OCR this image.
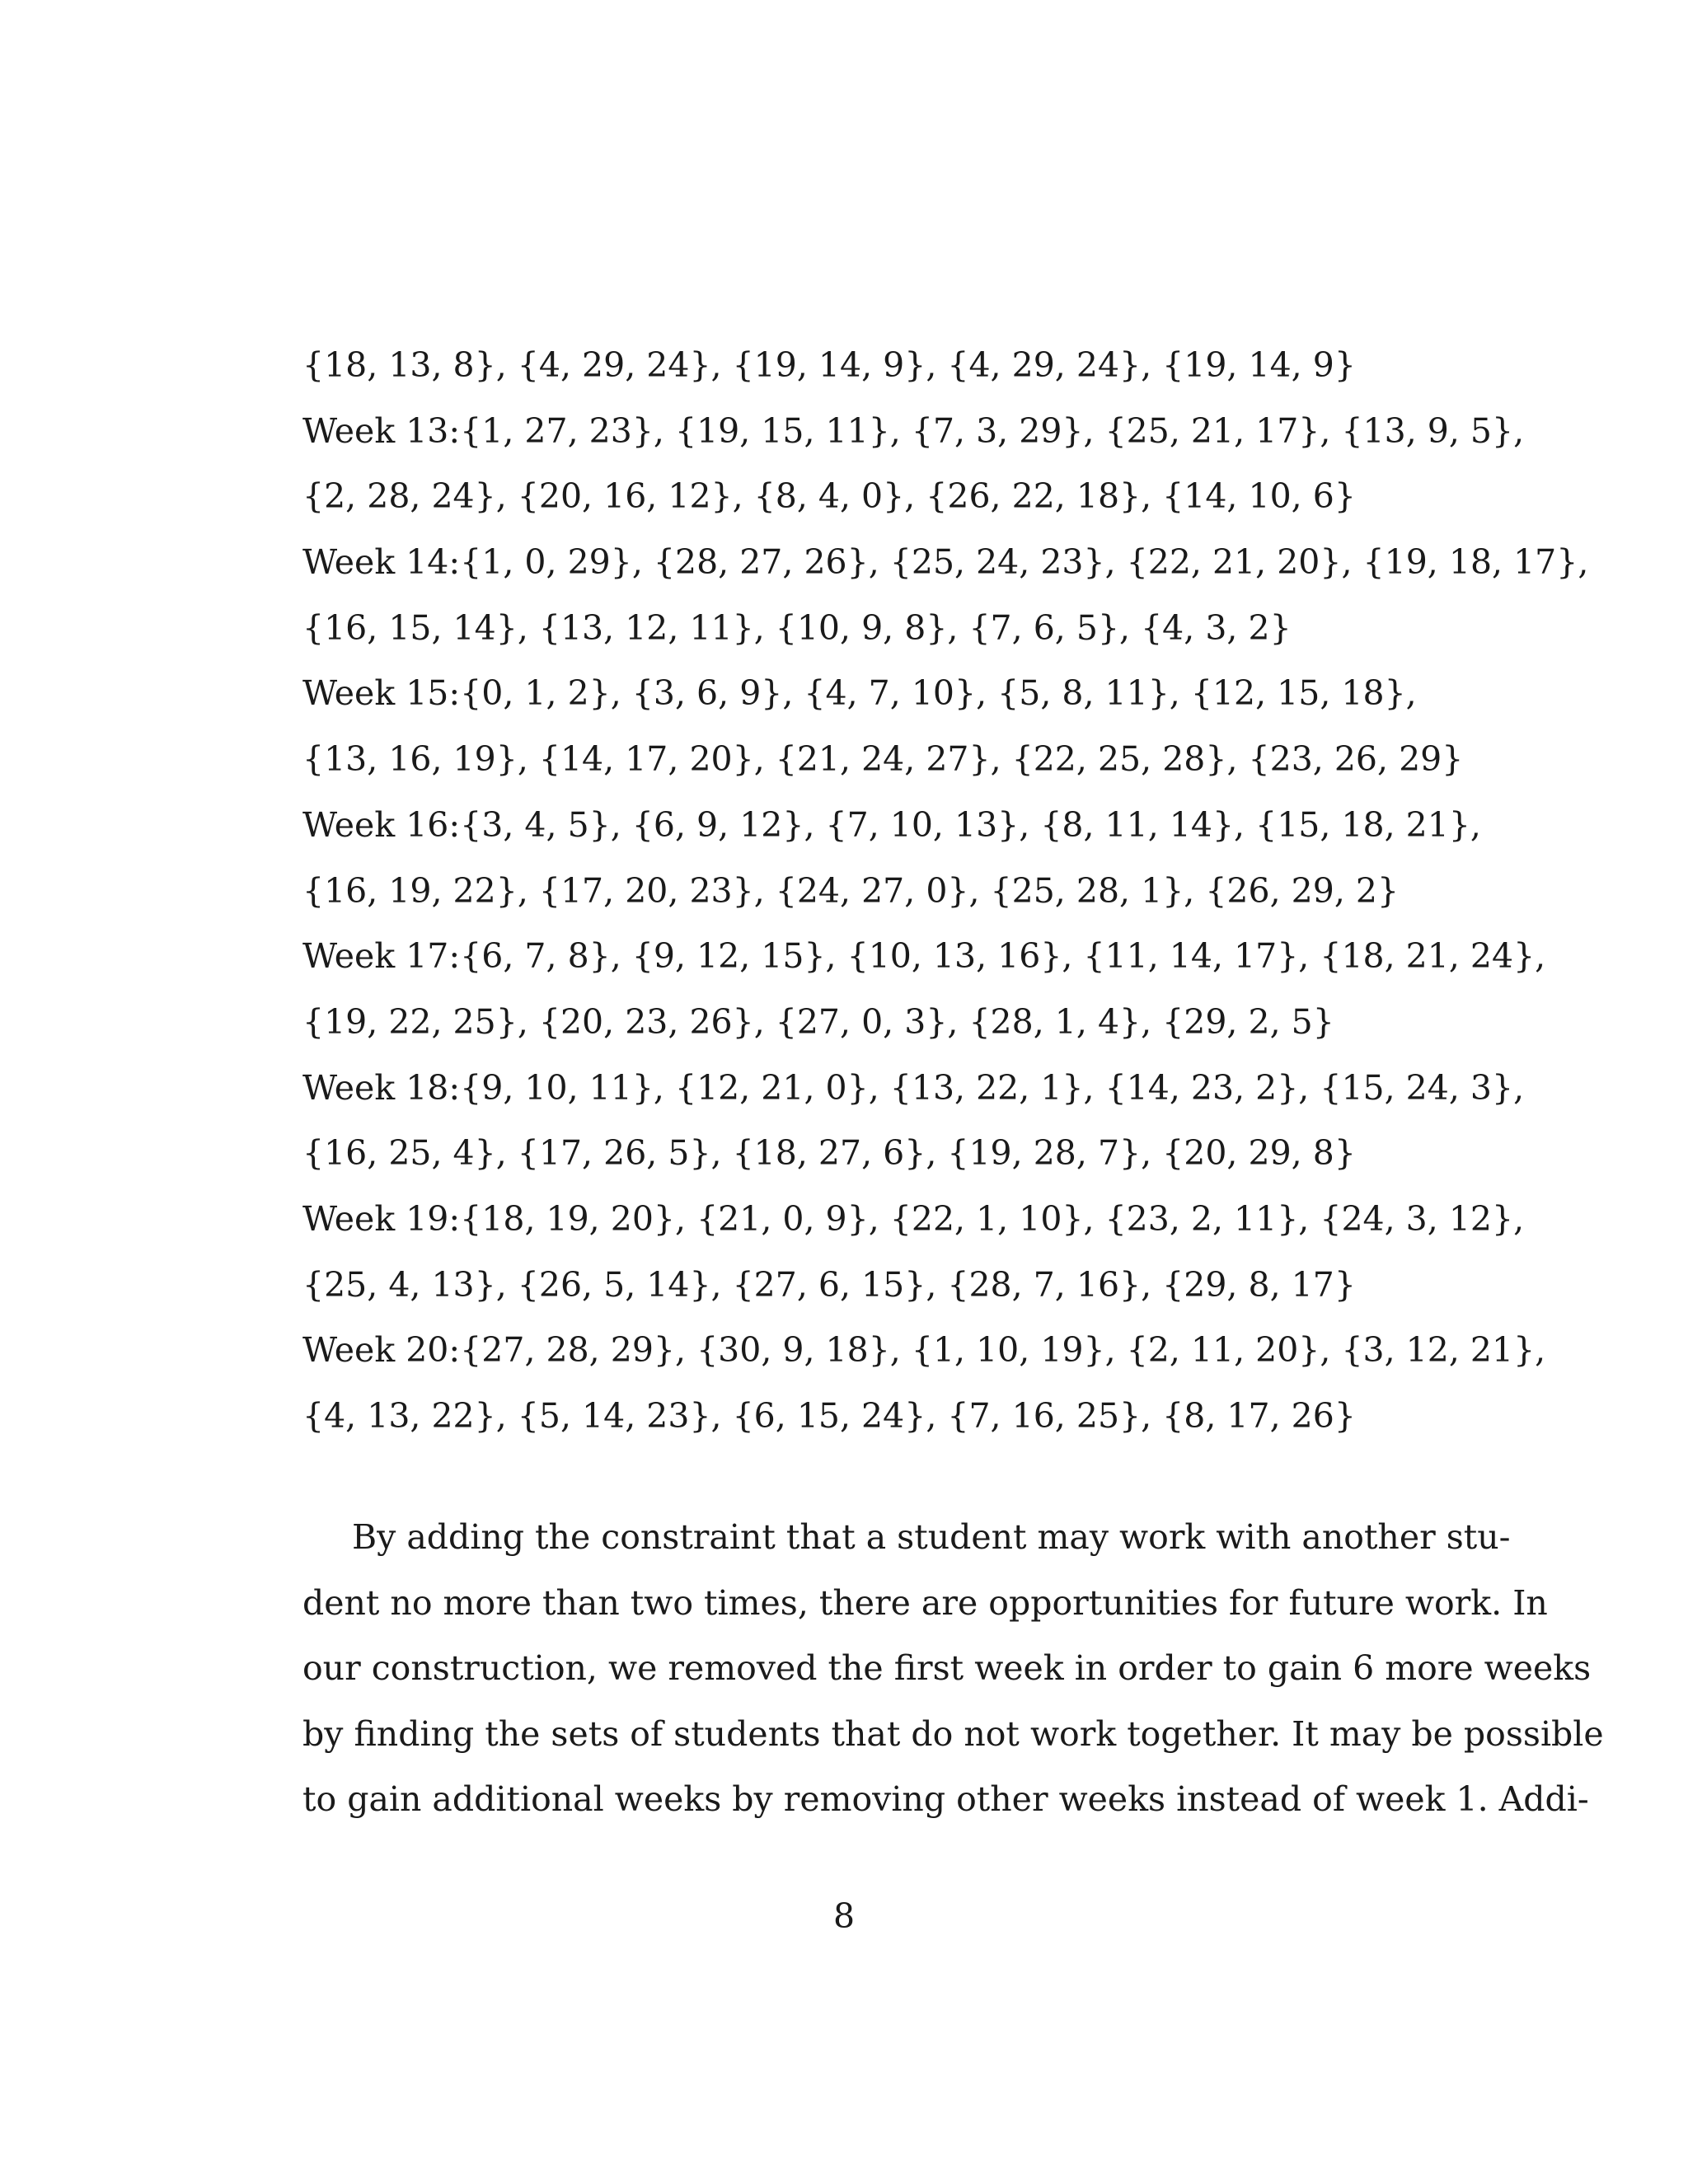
{18, 13, 8}, {4, 29, 24}, {19, 14, 9}, {4, 29, 24}, {19, 14, 9}
Week 13:{1, 27, 23}, {19, 15, 11}, {7, 3, 29}, {25, 21, 17}, {13, 9, 5},
{2, 28, 24}, {20, 16, 12}, {8, 4, 0}, {26, 22, 18}, {14, 10, 6}
Week 14:{1, 0, 29}, {28, 27, 26}, {25, 24, 23}, {22, 21, 20}, {19, 18, 17},
{16, 15, 14}, {13, 12, 11}, {10, 9, 8}, {7, 6, 5}, {4, 3, 2}
Week 15:{0, 1, 2}, {3, 6, 9}, {4, 7, 10}, {5, 8, 11}, {12, 15, 18},
{13, 16, 19}, {14, 17, 20}, {21, 24, 27}, {22, 25, 28}, {23, 26, 29}
Week 16:{3, 4, 5}, {6, 9, 12}, {7, 10, 13}, {8, 11, 14}, {15, 18, 21},
{16, 19, 22}, {17, 20, 23}, {24, 27, 0}, {25, 28, 1}, {26, 29, 2}
Week 17:{6, 7, 8}, {9, 12, 15}, {10, 13, 16}, {11, 14, 17}, {18, 21, 24},
{19, 22, 25}, {20, 23, 26}, {27, 0, 3}, {28, 1, 4}, {29, 2, 5}
Week 18:{9, 10, 11}, {12, 21, 0}, {13, 22, 1}, {14, 23, 2}, {15, 24, 3},
{16, 25, 4}, {17, 26, 5}, {18, 27, 6}, {19, 28, 7}, {20, 29, 8}
Week 19:{18, 19, 20}, {21, 0, 9}, {22, 1, 10}, {23, 2, 11}, {24, 3, 12},
{25, 4, 13}, {26, 5, 14}, {27, 6, 15}, {28, 7, 16}, {29, 8, 17}
Week 20:{27, 28, 29}, {30, 9, 18}, {1, 10, 19}, {2, 11, 20}, {3, 12, 21},
{4, 13, 22}, {5, 14, 23}, {6, 15, 24}, {7, 16, 25}, {8, 17, 26}
By adding the constraint that a student may work with another stu-
dent no more than two times, there are opportunities for future work. In
our construction, we removed the first week in order to gain 6 more weeks
by finding the sets of students that do not work together. It may be possible
to gain additional weeks by removing other weeks instead of week 1. Addi-
8
